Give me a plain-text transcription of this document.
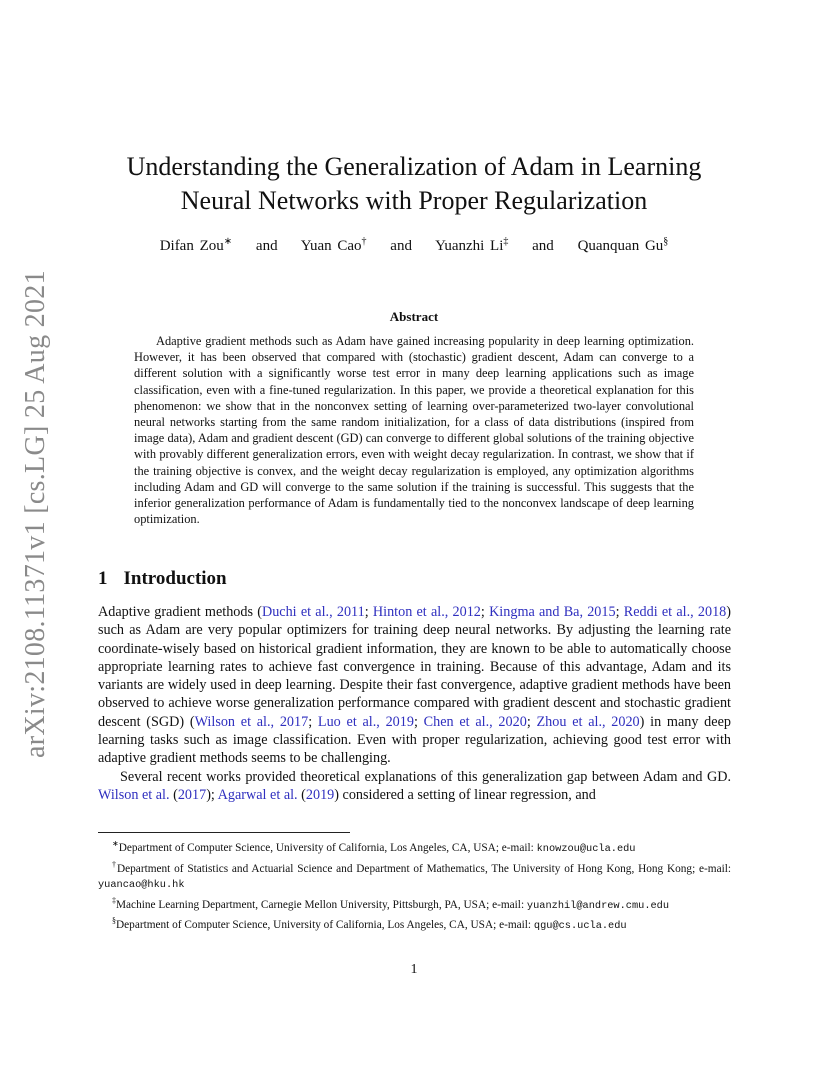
arXiv:2108.11371v1 [cs.LG] 25 Aug 2021
Understanding the Generalization of Adam in Learning
Neural Networks with Proper Regularization
Difan Zou∗ and Yuan Cao† and Yuanzhi Li‡ and Quanquan Gu§
Abstract
Adaptive gradient methods such as Adam have gained increasing popularity in deep learning optimization. However, it has been observed that compared with (stochastic) gradient descent, Adam can converge to a different solution with a significantly worse test error in many deep learning applications such as image classification, even with a fine-tuned regularization. In this paper, we provide a theoretical explanation for this phenomenon: we show that in the nonconvex setting of learning over-parameterized two-layer convolutional neural networks starting from the same random initialization, for a class of data distributions (inspired from image data), Adam and gradient descent (GD) can converge to different global solutions of the training objective with provably different generalization errors, even with weight decay regularization. In contrast, we show that if the training objective is convex, and the weight decay regularization is employed, any optimization algorithms including Adam and GD will converge to the same solution if the training is successful. This suggests that the inferior generalization performance of Adam is fundamentally tied to the nonconvex landscape of deep learning optimization.
1 Introduction

Adaptive gradient methods (Duchi et al., 2011; Hinton et al., 2012; Kingma and Ba, 2015; Reddi et al., 2018) such as Adam are very popular optimizers for training deep neural networks. By adjusting the learning rate coordinate-wisely based on historical gradient information, they are known to be able to automatically choose appropriate learning rates to achieve fast convergence in training. Because of this advantage, Adam and its variants are widely used in deep learning. Despite their fast convergence, adaptive gradient methods have been observed to achieve worse generalization performance compared with gradient descent and stochastic gradient descent (SGD) (Wilson et al., 2017; Luo et al., 2019; Chen et al., 2020; Zhou et al., 2020) in many deep learning tasks such as image classification. Even with proper regularization, achieving good test error with adaptive gradient methods seems to be challenging.

Several recent works provided theoretical explanations of this generalization gap between Adam and GD. Wilson et al. (2017); Agarwal et al. (2019) considered a setting of linear regression, and

∗Department of Computer Science, University of California, Los Angeles, CA, USA; e-mail: knowzou@ucla.edu

†Department of Statistics and Actuarial Science and Department of Mathematics, The University of Hong Kong, Hong Kong; e-mail: yuancao@hku.hk

‡Machine Learning Department, Carnegie Mellon University, Pittsburgh, PA, USA; e-mail: yuanzhil@andrew.cmu.edu

§Department of Computer Science, University of California, Los Angeles, CA, USA; e-mail: qgu@cs.ucla.edu

1
